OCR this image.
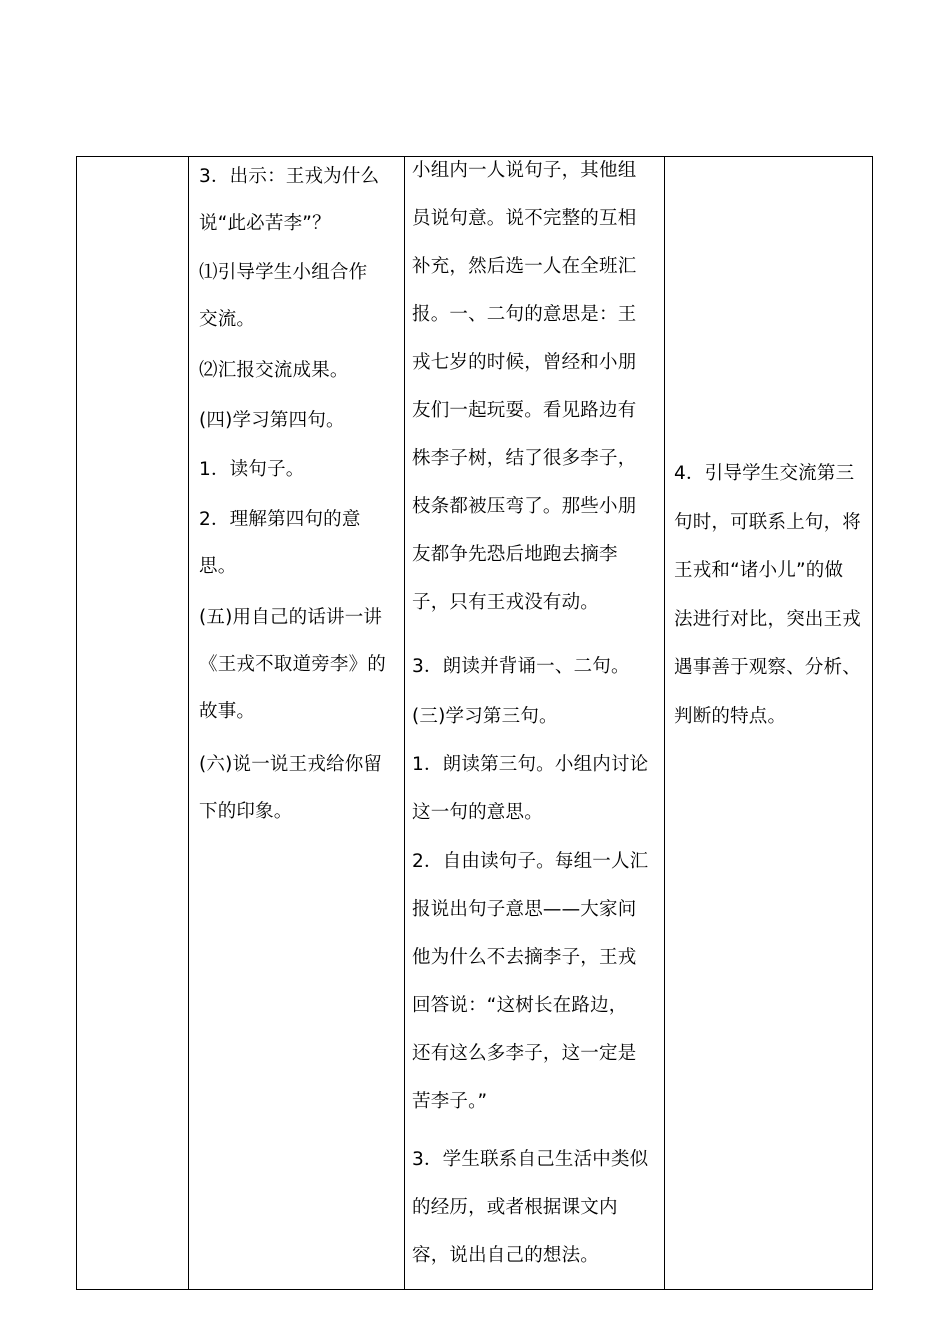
3．出示：王戎为什么
说“此必苦李”？
⑴引导学生小组合作
交流。
⑵汇报交流成果。
(四)学习第四句。
1．读句子。
2．理解第四句的意
思。
(五)用自己的话讲一讲
《王戎不取道旁李》的
故事。
(六)说一说王戎给你留
下的印象。
小组内一人说句子，其他组
员说句意。说不完整的互相
补充，然后选一人在全班汇
报。一、二句的意思是：王
戎七岁的时候，曾经和小朋
友们一起玩耍。看见路边有
株李子树，结了很多李子，
枝条都被压弯了。那些小朋
友都争先恐后地跑去摘李
子，只有王戎没有动。
3．朗读并背诵一、二句。
(三)学习第三句。
1．朗读第三句。小组内讨论
这一句的意思。
2．自由读句子。每组一人汇
报说出句子意思——大家问
他为什么不去摘李子，王戎
回答说：“这树长在路边，
还有这么多李子，这一定是
苦李子。”
3．学生联系自己生活中类似
的经历，或者根据课文内
容，说出自己的想法。
4．引导学生交流第三
句时，可联系上句，将
王戎和“诸小儿”的做
法进行对比，突出王戎
遇事善于观察、分析、
判断的特点。
